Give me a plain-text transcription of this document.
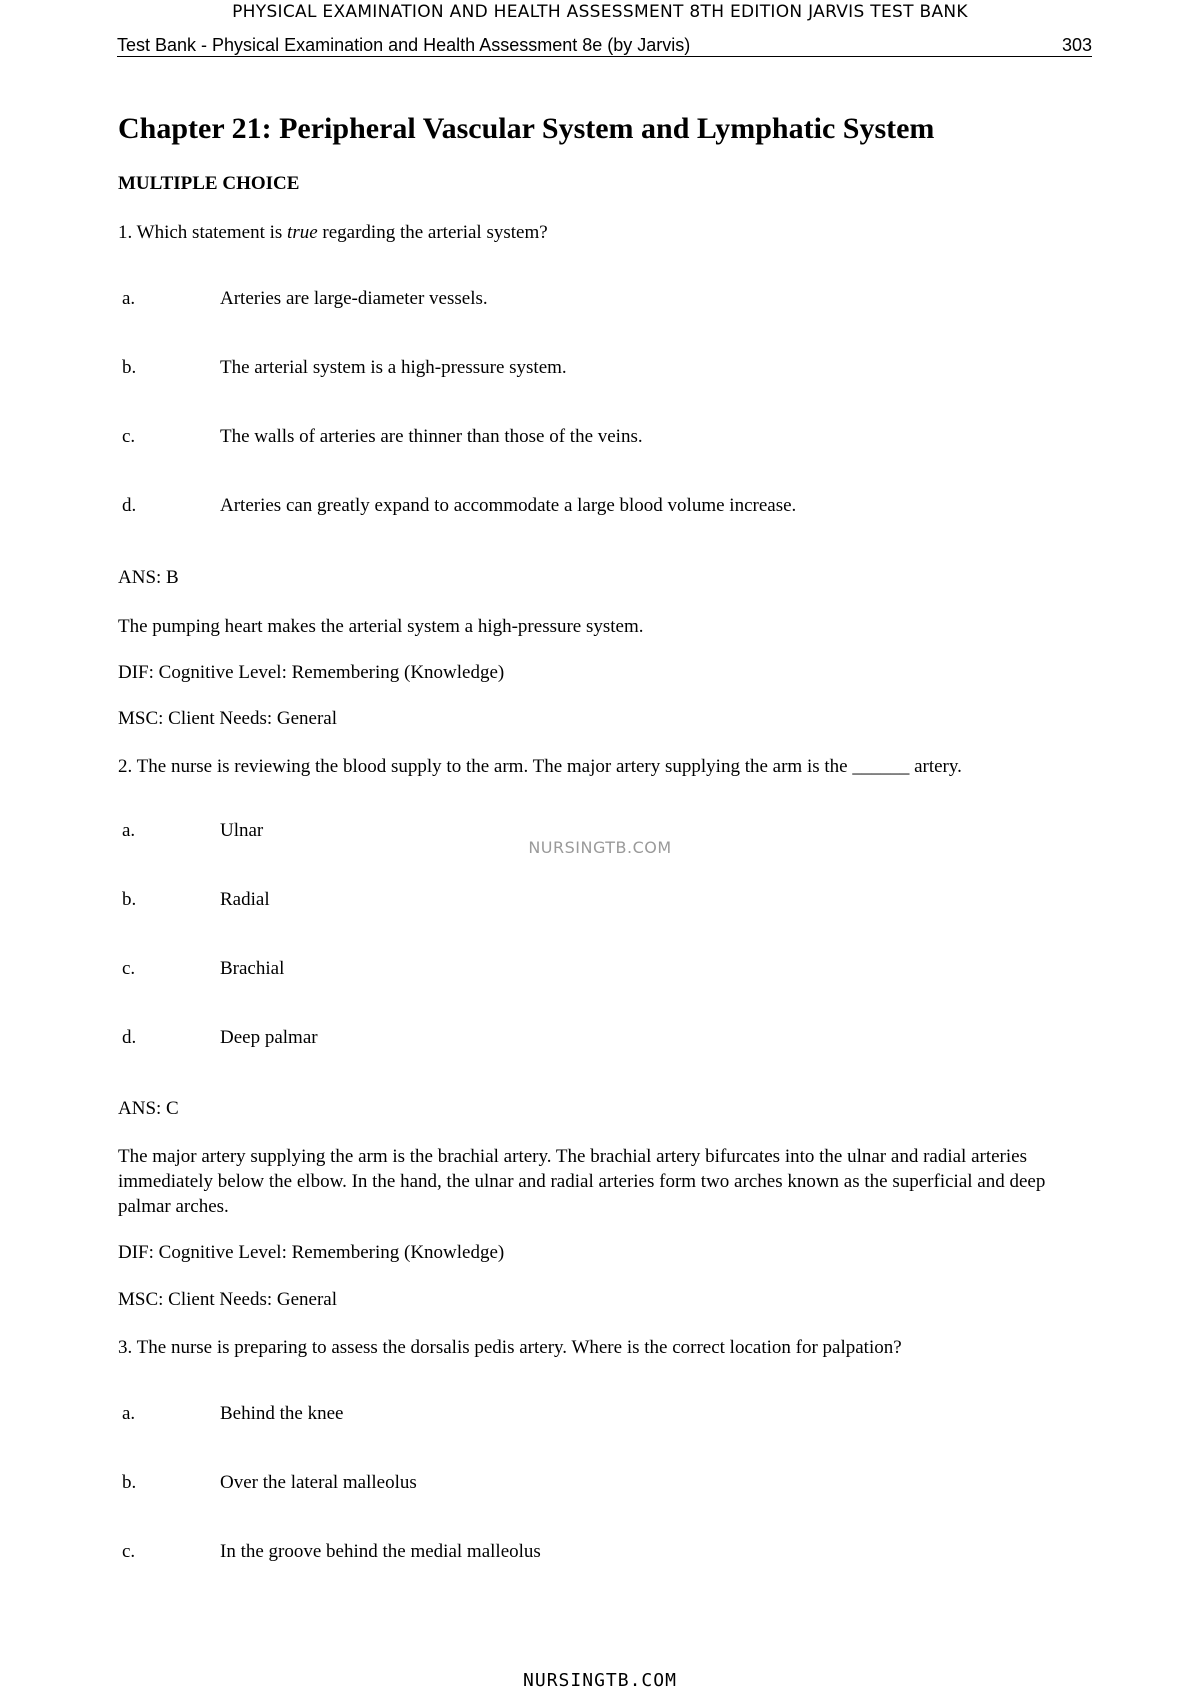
PHYSICAL EXAMINATION AND HEALTH ASSESSMENT 8TH EDITION JARVIS TEST BANK
Test Bank - Physical Examination and Health Assessment 8e (by Jarvis)	303
Chapter 21: Peripheral Vascular System and Lymphatic System
MULTIPLE CHOICE
1. Which statement is true regarding the arterial system?
a.	Arteries are large-diameter vessels.
b.	The arterial system is a high-pressure system.
c.	The walls of arteries are thinner than those of the veins.
d.	Arteries can greatly expand to accommodate a large blood volume increase.
ANS: B
The pumping heart makes the arterial system a high-pressure system.
DIF: Cognitive Level: Remembering (Knowledge)
MSC: Client Needs: General
2. The nurse is reviewing the blood supply to the arm. The major artery supplying the arm is the ______ artery.
a.	Ulnar
b.	Radial
c.	Brachial
d.	Deep palmar
ANS: C
The major artery supplying the arm is the brachial artery. The brachial artery bifurcates into the ulnar and radial arteries immediately below the elbow. In the hand, the ulnar and radial arteries form two arches known as the superficial and deep palmar arches.
DIF: Cognitive Level: Remembering (Knowledge)
MSC: Client Needs: General
3. The nurse is preparing to assess the dorsalis pedis artery. Where is the correct location for palpation?
a.	Behind the knee
b.	Over the lateral malleolus
c.	In the groove behind the medial malleolus
NURSINGTB.COM
NURSINGTB.COM
